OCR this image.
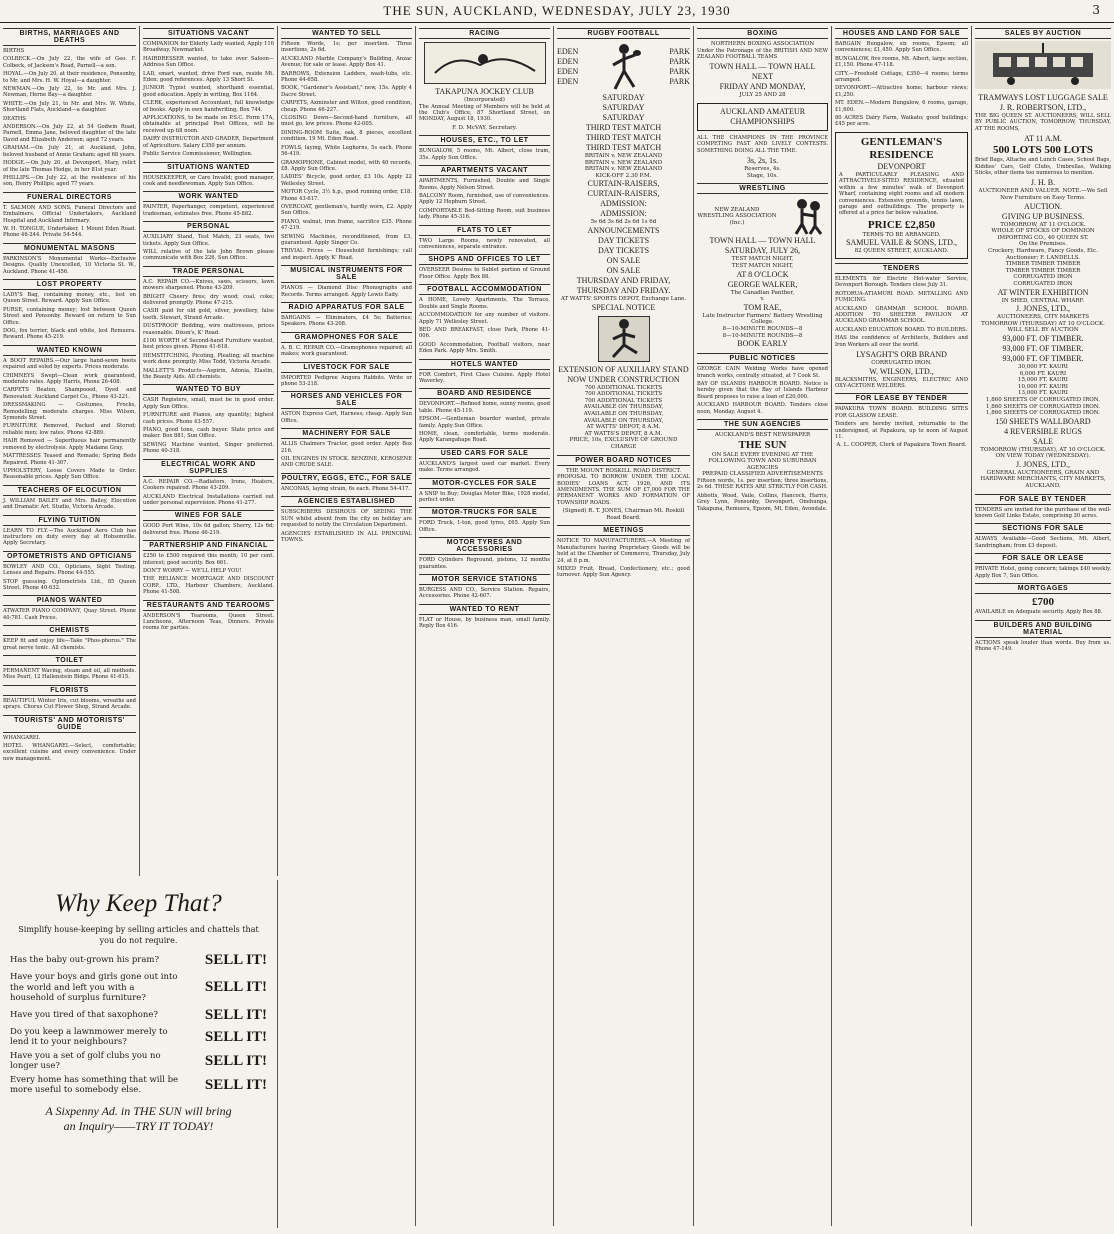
THE SUN, AUCKLAND, WEDNESDAY, JULY 23, 1930	3
BIRTHS, MARRIAGES AND DEATHS
BIRTHS
COLBECK.—On July 22, the wife of Geo. F. Colbeck, of Jackson's Road, Parnell—a son.
HOYAL.—On July 20, at their residence, Ponsonby, to Mr. and Mrs. H. W. Hoyal—a daughter.
NEWMAN.—On July 22, to Mr. and Mrs. J. Newman, Herne Bay—a daughter.
WHITE.—On July 21, to Mr. and Mrs. W. White, Shortland Flats, Auckland—a daughter.
DEATHS
ANDERSON.—On July 22, at 54 Godwin Road, Parnell, Emma Jane, beloved daughter of the late David and Elizabeth Anderson; aged 72 years.
GRAHAM.—On July 21, at Auckland, John, beloved husband of Annie Graham; aged 68 years.
HODGE.—On July 20, at Devonport, Mary, relict of the late Thomas Hodge, in her 81st year.
PHILLIPS.—On July 22, at the residence of his son, Henry Phillips; aged 77 years.
FUNERAL DIRECTORS
T. SALMON AND SONS, Funeral Directors and Embalmers. Official Undertakers, Auckland Hospital and Auckland Infirmary.
W. H. TONGUE, Undertaker, 1 Mount Eden Road. Phone 46-244. Private 54-544.
MONUMENTAL MASONS
PARKINSON'S Monumental Works—Exclusive Designs. Quality Unexcelled, 10 Victoria St. W., Auckland. Phone 41-456.
LOST PROPERTY
LADY'S Bag, containing money, etc., lost on Queen Street. Reward. Apply Sun Office.
PURSE, containing money; lost between Queen Street and Ponsonby. Reward on return to Sun Office.
DOG, fox terrier, black and white, lost Remuera. Reward. Phone 45-219.
WANTED KNOWN
A BOOT REPAIRS.—Our large hand-sewn boots repaired and soled by experts. Prices moderate.
CHIMNEYS Swept—Clean work guaranteed, moderate rates. Apply Harris, Phone 26-408.
CARPETS Beaten, Shampooed, Dyed and Renovated. Auckland Carpet Co., Phone 43-221.
DRESSMAKING — Costumes, Frocks, Remodelling; moderate charges. Miss Wilson, Symonds Street.
FURNITURE Removed, Packed and Stored; reliable men; low rates. Phone 42-889.
HAIR Removed — Superfluous hair permanently removed by electrolysis. Apply Madame Gray.
MATTRESSES Teased and Remade; Spring Beds Repaired. Phone 41-367.
UPHOLSTERY, Loose Covers Made to Order. Reasonable prices. Apply Sun Office.
TEACHERS OF ELOCUTION
J. WILLIAM BAILEY and Mrs. Bailey, Elocution and Dramatic Art. Studio, Victoria Arcade.
FLYING TUITION
LEARN TO FLY.—The Auckland Aero Club has instructors on duty every day at Hobsonville. Apply Secretary.
OPTOMETRISTS AND OPTICIANS
BOWLEY AND CO., Opticians, Sight Testing. Lenses and Repairs. Phone 44-555.
STOP guessing. Optometrists Ltd., 85 Queen Street. Phone 40-632.
PIANOS WANTED
ATWATER PIANO COMPANY, Quay Street. Phone 40-781. Cash Prices.
CHEMISTS
KEEP fit and enjoy life—Take "Phos-phorus." The great nerve tonic. All chemists.
TOILET
PERMANENT Waving, steam and oil, all methods. Miss Pearl, 12 Hallenstein Bldgs. Phone 41-615.
FLORISTS
BEAUTIFUL Winter Iris, cut blooms, wreaths and sprays. Chorus Cut Flower Shop, Strand Arcade.
TOURISTS' AND MOTORISTS' GUIDE
WHANGAREI.
HOTEL WHANGAREI.—Select, comfortable; excellent cuisine and every convenience. Under new management.
SITUATIONS VACANT
COMPANION for Elderly Lady wanted, Apply 116 Broadway, Newmarket.
HAIRDRESSER wanted, to take over Saloon—Address Sun Office.
LAD, smart, wanted, drive Ford van, reside Mt. Eden; good references. Apply 13 Short St.
JUNIOR Typist wanted, shorthand essential, good education. Apply in writing, Box 1164.
CLERK, experienced Accountant, full knowledge of books. Apply in own handwriting, Box 744.
APPLICATIONS, to be made on P.S.C. Form 17A, obtainable at principal Post Offices, will be received up till noon.
DAIRY INSTRUCTOR AND GRADER, Department of Agriculture. Salary £350 per annum.
Public Service Commissioner, Wellington.
SITUATIONS WANTED
HOUSEKEEPER, or Care Invalid; good manager, cook and needlewoman. Apply Sun Office.
WORK WANTED
PAINTER, Paperhanger, competent, experienced tradesman, estimates free. Phone 45-882.
PERSONAL
AUXILIARY Stand, Test Match, 23 seats, two tickets. Apply Sun Office.
WILL relative of the late John Brown please communicate with Box 226, Sun Office.
TRADE PERSONAL
A.C. REPAIR CO.—Knives, saws, scissors, lawn mowers sharpened. Phone 43-209.
BRIGHT Cheery fires; dry wood; coal, coke; delivered promptly. Phone 47-215.
CASH paid for old gold, silver, jewellery, false teeth. Stewart, Strand Arcade.
DUSTPROOF Bedding, wire mattresses, prices reasonable. Dixon's, K' Road.
£100 WORTH of Second-hand Furniture wanted, best prices given. Phone 41-618.
HEMSTITCHING, Picoting, Pleating; all machine work done promptly. Miss Todd, Victoria Arcade.
MALLETT'S Products—Aspirin, Adonia, Elastin, the Beauty Aids. All chemists.
WANTED TO BUY
CASH Registers, small, must be in good order. Apply Sun Office.
FURNITURE and Pianos, any quantity; highest cash prices. Phone 43-557.
PIANO, good tone, cash buyer. State price and maker. Box 881, Sun Office.
SEWING Machine wanted, Singer preferred. Phone 40-318.
ELECTRICAL WORK AND SUPPLIES
A.C. REPAIR CO.—Radiators, Irons, Heaters, Cookers repaired. Phone 43-209.
AUCKLAND Electrical Installations carried out under personal supervision. Phone 41-277.
WINES FOR SALE
GOOD Port Wine, 10s 6d gallon; Sherry, 12s 6d; delivered free. Phone 46-219.
PARTNERSHIP AND FINANCIAL
£250 to £500 required this month; 10 per cent. interest; good security. Box 661.
DON'T WORRY — WE'LL HELP YOU!
THE RELIANCE MORTGAGE AND DISCOUNT CORP., LTD., Harbour Chambers, Auckland. Phone 41-508.
RESTAURANTS AND TEAROOMS
ANDERSON'S Tearooms, Queen Street. Luncheons, Afternoon Teas, Dinners. Private rooms for parties.
Why Keep That?
Simplify house-keeping by selling articles and chattels that you do not require.
Has the baby out-grown his pram?	SELL IT!
Have your boys and girls gone out into the world and left you with a household of surplus furniture?
SELL IT!
Have you tired of that saxophone?	SELL IT!
Do you keep a lawnmower merely to lend it to your neighbours?	SELL IT!
Have you a set of golf clubs you no longer use?	SELL IT!
Every home has something that will be more useful to somebody else.	SELL IT!
A Sixpenny Ad. in THE SUN will bring
an Inquiry——TRY IT TODAY!
WANTED TO SELL
Fifteen Words, 1s; per insertion. Three insertions, 2s 6d.
AUCKLAND Marble Company's Building, Anzac Avenue; for sale or lease. Apply Box 41.
BARROWS, Extension Ladders, wash-tubs, etc. Phone 44-658.
BOOK, "Gardener's Assistant," new, 15s. Apply 4 Dacre Street.
CARPETS, Axminster and Wilton, good condition, cheap. Phone 46-227.
CLOSING Down—Second-hand furniture, all must go, low prices. Phone 42-005.
DINING-ROOM Suite, oak, 8 pieces, excellent condition. 19 Mt. Eden Road.
FOWLS, laying, White Leghorns, 5s each. Phone 56-419.
GRAMOPHONE, Cabinet model, with 40 records, £8. Apply Sun Office.
LADIES' Bicycle, good order, £3 10s. Apply 22 Wellesley Street.
MOTOR Cycle, 3½ h.p., good running order, £18. Phone 43-617.
OVERCOAT, gentleman's, hardly worn, £2. Apply Sun Office.
PIANO, walnut, iron frame, sacrifice £35. Phone 47-219.
SEWING Machines, reconditioned, from £3, guaranteed. Apply Singer Co.
TRIVIAL Prices — Household furnishings; call and inspect. Apply K' Road.
MUSICAL INSTRUMENTS FOR SALE
PIANOS — Diamond Disc Phonographs and Records. Terms arranged. Apply Lewis Eady.
RADIO APPARATUS FOR SALE
BARGAINS — Eliminators, £4 5s; Batteries; Speakers. Phone 43-208.
GRAMOPHONES FOR SALE
A. B. C. REPAIR CO.—Gramophones repaired; all makes; work guaranteed.
LIVESTOCK FOR SALE
IMPORTED Pedigree Angora Rabbits. Write or phone 53-218.
HORSES AND VEHICLES FOR SALE
ASTON Express Cart, Harness; cheap. Apply Sun Office.
MACHINERY FOR SALE
ALLIS Chalmers Tractor, good order. Apply Box 216.
OIL ENGINES IN STOCK. BENZINE, KEROSENE AND CRUDE SALE.
POULTRY, EGGS, ETC., FOR SALE
ANCONAS, laying strain, 6s each. Phone 54-417.
AGENCIES ESTABLISHED
SUBSCRIBERS DESIROUS OF SEEING THE SUN whilst absent from the city on holiday are requested to notify the Circulation Department.
AGENCIES ESTABLISHED IN ALL PRINCIPAL TOWNS.
RACING
TAKAPUNA JOCKEY CLUB
(Incorporated)
The Annual Meeting of Members will be held at the Club's Office, 87 Shortland Street, on MONDAY, August 18, 1930.
F. D. McVAY, Secretary.
HOUSES, ETC., TO LET
BUNGALOW, 5 rooms, Mt. Albert, close tram, 35s. Apply Sun Office.
APARTMENTS VACANT
APARTMENTS, Furnished, Double and Single Rooms. Apply Nelson Street.
BALCONY Room, furnished, use of conveniences. Apply 12 Hepburn Street.
COMFORTABLE Bed-Sitting Room, suit business lady. Phone 45-316.
FLATS TO LET
TWO Large Rooms, newly renovated, all conveniences, separate entrance.
SHOPS AND OFFICES TO LET
OVERSEER Desires to Sublet portion of Ground Floor Office. Apply Box 88.
FOOTBALL ACCOMMODATION
A HOME, Lovely Apartments, The Terrace. Double and Single Rooms.
ACCOMMODATION for any number of visitors. Apply 71 Wellesley Street.
BED AND BREAKFAST, close Park, Phone 41-006.
GOOD Accommodation, Football visitors, near Eden Park. Apply Mrs. Smith.
HOTELS WANTED
FOR Comfort, First Class Cuisine. Apply Hotel Waverley.
BOARD AND RESIDENCE
DEVONPORT.—Refined home, sunny rooms, good table. Phone 45-119.
EPSOM.—Gentleman boarder wanted, private family. Apply Sun Office.
HOME, clean, comfortable, terms moderate. Apply Karangahape Road.
USED CARS FOR SALE
AUCKLAND'S largest used car market. Every make. Terms arranged.
MOTOR-CYCLES FOR SALE
A SNIP to Buy; Douglas Motor Bike, 1928 model, perfect order.
MOTOR-TRUCKS FOR SALE
FORD Truck, 1-ton, good tyres, £65. Apply Sun Office.
MOTOR TYRES AND ACCESSORIES
FORD Cylinders Reground, pistons, 12 months guarantee.
MOTOR SERVICE STATIONS
BURGESS AND CO., Service Station. Repairs, Accessories. Phone 42-607.
WANTED TO RENT
FLAT or House, by business man, small family. Reply Box 416.
RUGBY FOOTBALL
EDEN
EDEN
EDEN
EDEN
PARK
PARK
PARK
PARK
SATURDAY
SATURDAY
SATURDAY
THIRD TEST MATCH
THIRD TEST MATCH
THIRD TEST MATCH
BRITAIN v. NEW ZEALAND
BRITAIN v. NEW ZEALAND
BRITAIN v. NEW ZEALAND
KICK-OFF 2.30 P.M.
CURTAIN-RAISERS,
CURTAIN-RAISERS,
ADMISSION:
ADMISSION:
5s 6d 3s 6d 2s 6d 1s 6d
ANNOUNCEMENTS
DAY TICKETS
DAY TICKETS
ON SALE
ON SALE
THURSDAY AND FRIDAY,
THURSDAY AND FRIDAY.
AT WATTS' SPORTS DEPOT, Exchange Lane.
SPECIAL NOTICE
EXTENSION OF AUXILIARY STAND NOW UNDER CONSTRUCTION
700 ADDITIONAL TICKETS
700 ADDITIONAL TICKETS
700 ADDITIONAL TICKETS
AVAILABLE ON THURSDAY,
AVAILABLE ON THURSDAY,
AVAILABLE ON THURSDAY,
AT WATTS' DEPOT, 8 A.M.
AT WATTS'S DEPOT, 8 A.M.
PRICE, 10s, EXCLUSIVE OF GROUND CHARGE
POWER BOARD NOTICES
THE MOUNT ROSKILL ROAD DISTRICT.
PROPOSAL TO BORROW UNDER THE LOCAL BODIES' LOANS ACT, 1926, AND ITS AMENDMENTS. THE SUM OF £7,000 FOR THE PERMANENT WORKS AND FORMATION OF TOWNSHIP ROADS.
(Signed) R. T. JONES, Chairman Mt. Roskill Road Board.
MEETINGS
NOTICE TO MANUFACTURERS.—A Meeting of Manufacturers having Proprietary Goods will be held at the Chamber of Commerce, Thursday, July 24, at 8 p.m.
MIXED Fruit, Bread, Confectionery, etc.; good turnover. Apply Sun Agency.
BOXING
NORTHERN BOXING ASSOCIATION
Under the Patronage of the BRITISH AND NEW ZEALAND FOOTBALL TEAMS
TOWN HALL — TOWN HALL
NEXT
FRIDAY AND MONDAY,
JULY 25 AND 28
AUCKLAND AMATEUR CHAMPIONSHIPS
ALL THE CHAMPIONS IN THE PROVINCE COMPETING FAST AND LIVELY CONTESTS. SOMETHING DOING ALL THE TIME.
3s, 2s, 1s.
Reserves, 4s.
Stage, 10s.
WRESTLING
NEW ZEALAND WRESTLING ASSOCIATION (Inc.)
TOWN HALL — TOWN HALL
SATURDAY, JULY 26,
TEST MATCH NIGHT,
TEST MATCH NIGHT,
AT 8 O'CLOCK
GEORGE WALKER,
The Canadian Panther,
v.
TOM RAE,
Late Instructor Farmers' Battery Wrestling College.
8—10-MINUTE ROUNDS—8
8—10-MINUTE ROUNDS—8
BOOK EARLY
PUBLIC NOTICES
GEORGE CAIN Welding Works have opened branch works, centrally situated, at 7 Cook St.
BAY OF ISLANDS HARBOUR BOARD. Notice is hereby given that the Bay of Islands Harbour Board proposes to raise a loan of £20,000.
AUCKLAND HARBOUR BOARD. Tenders close noon, Monday, August 4.
THE SUN AGENCIES
AUCKLAND'S BEST NEWSPAPER
THE SUN
ON SALE EVERY EVENING AT THE FOLLOWING TOWN AND SUBURBAN AGENCIES
PREPAID CLASSIFIED ADVERTISEMENTS
Fifteen words, 1s. per insertion; three insertions, 2s 6d. THESE RATES ARE STRICTLY FOR CASH.
Abbotts, Wood, Vaile, Collins, Hancock, Harris, Grey Lynn, Ponsonby, Devonport, Onehunga, Takapuna, Remuera, Epsom, Mt. Eden, Avondale.
HOUSES AND LAND FOR SALE
BARGAIN Bungalow, six rooms, Epsom; all conveniences; £1,450. Apply Sun Office.
BUNGALOW, five rooms, Mt. Albert, large section, £1,150. Phone 47-118.
CITY.—Freehold Cottage, £350—4 rooms; terms arranged.
DEVONPORT.—Attractive home; harbour views; £1,250.
MT. EDEN.—Modern Bungalow, 6 rooms, garage, £1,600.
80 ACRES Dairy Farm, Waikato; good buildings; £45 per acre.
GENTLEMAN'S
RESIDENCE
DEVONPORT
A PARTICULARLY PLEASING AND ATTRACTIVELY-SITED RESIDENCE, situated within a few minutes' walk of Devonport Wharf, containing eight rooms and all modern conveniences. Extensive grounds, tennis lawn, garage and outbuildings. The property is offered at a price far below valuation.
PRICE £2,850
TERMS TO BE ARRANGED.
SAMUEL VAILE & SONS, LTD.,
82 QUEEN STREET, AUCKLAND.
TENDERS
ELEMENTS for Electric Hot-water Service, Devonport Borough. Tenders close July 31.
ROTORUA-ATIAMURI ROAD. METALLING AND FUMICING.
AUCKLAND GRAMMAR SCHOOL BOARD. ADDITION TO SHELTER PAVILION AT AUCKLAND GRAMMAR SCHOOL.
AUCKLAND EDUCATION BOARD. TO BUILDERS.
HAS the confidence of Architects, Builders and Iron Workers all over the world.
LYSAGHT'S ORB BRAND
CORRUGATED IRON.
W. WILSON, LTD.,
BLACKSMITHS, ENGINEERS, ELECTRIC AND OXY-ACETONE WELDERS.
FOR LEASE BY TENDER
PAPAKURA TOWN BOARD. BUILDING SITES FOR GLASSOW LEASE.
Tenders are hereby invited, returnable to the undersigned, at Papakura, up to noon of August 11.
A. L. COOPER, Clerk of Papakura Town Board.
SALES BY AUCTION
TRAMWAYS LOST LUGGAGE SALE
J. R. ROBERTSON, LTD.,
THE BIG QUEEN ST. AUCTIONEERS, WILL SELL BY PUBLIC AUCTION, TOMORROW, THURSDAY, AT THE ROOMS,
AT 11 A.M.
500 LOTS 500 LOTS
Brief Bags, Attache and Lunch Cases, School Bags, Kiddies' Cars, Golf Clubs, Umbrellas, Walking Sticks, other items too numerous to mention.
J. H. B.
AUCTIONEER AND VALUER. NOTE.—We Sell New Furniture on Easy Terms.
AUCTION.
GIVING UP BUSINESS.
TOMORROW, AT 11 O'CLOCK.
WHOLE OF STOCKS OF DOMINION IMPORTING CO., 40 QUEEN ST.
On the Premises.
Crockery, Hardware, Fancy Goods, Etc.
Auctioneer: F. LANDELLS.
TIMBER TIMBER TIMBER
TIMBER TIMBER TIMBER
CORRUGATED IRON
CORRUGATED IRON
AT WINTER EXHIBITION
IN SHED, CENTRAL WHARF.
J. JONES, LTD.,
AUCTIONEERS, CITY MARKETS
TOMORROW (THURSDAY) AT 10 O'CLOCK.
WILL SELL BY AUCTION
93,000 FT. OF TIMBER.
93,000 FT. OF TIMBER.
93,000 FT. OF TIMBER.
30,000 FT. KAURI
6,000 FT. KAURI
15,000 FT. KAURI
10,000 FT. KAURI
13,000 FT. KAURI
1,860 SHEETS OF CORRUGATED IRON.
1,860 SHEETS OF CORRUGATED IRON.
1,860 SHEETS OF CORRUGATED IRON.
150 SHEETS WALLBOARD
4 REVERSIBLE RUGS
SALE
TOMORROW (THURSDAY), AT 10 O'CLOCK.
ON VIEW TODAY (WEDNESDAY).
J. JONES, LTD.,
GENERAL AUCTIONEERS, GRAIN AND HARDWARE MERCHANTS, CITY MARKETS, AUCKLAND.
FOR SALE BY TENDER
TENDERS are invited for the purchase of the well-known Golf Links Estate, comprising 30 acres.
SECTIONS FOR SALE
ALWAYS Available—Good Sections, Mt. Albert, Sandringham; from £3 deposit.
FOR SALE OR LEASE
PRIVATE Hotel, going concern; takings £40 weekly. Apply Box 7, Sun Office.
MORTGAGES
£700
AVAILABLE on Adequate security. Apply Box 88.
BUILDERS AND BUILDING MATERIAL
ACTIONS speak louder than words. Buy from us. Phone 47-149.
